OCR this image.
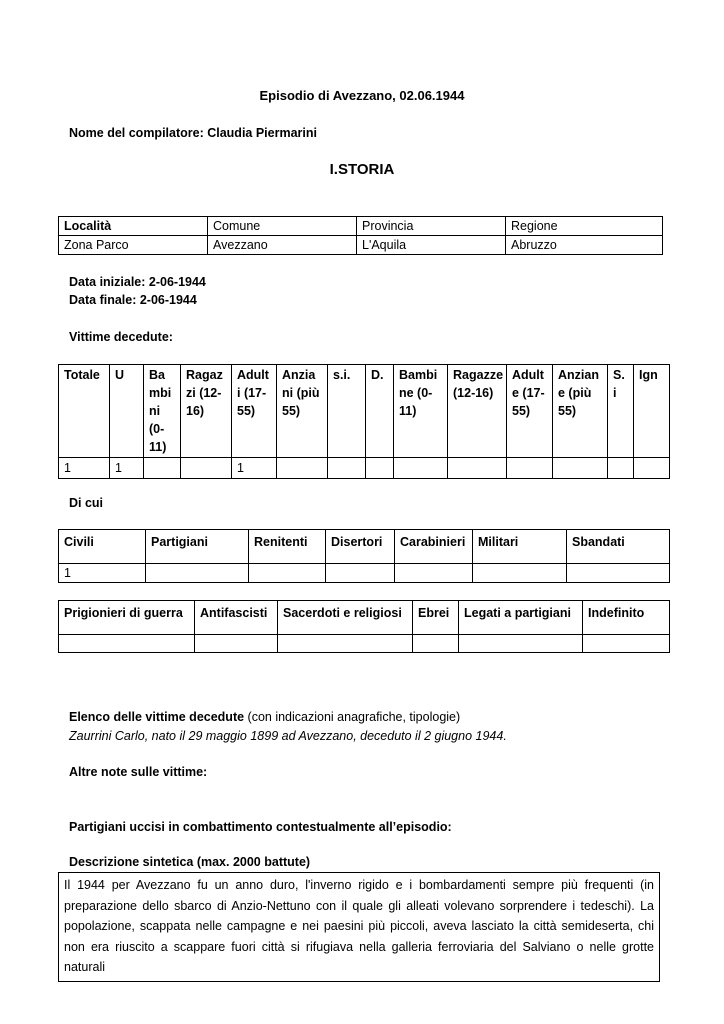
Episodio di Avezzano, 02.06.1944
Nome del compilatore: Claudia Piermarini
I.STORIA
Località	Comune	Provincia	Regione
Zona Parco	Avezzano	L'Aquila	Abruzzo
Data iniziale: 2-06-1944
Data finale: 2-06-1944
Vittime decedute:
Totale	U	Ba mbi ni (0- 11)	Ragaz zi (12- 16)	Adult i (17- 55)	Anzia ni (più 55)	s.i.	D.	Bambi ne (0- 11)	Ragazze (12-16)	Adult e (17- 55)	Anzian e (più 55)	S. i	Ign
1	1			1									
Di cui
Civili	Partigiani	Renitenti	Disertori	Carabinieri	Militari	Sbandati
1						
Prigionieri di guerra	Antifascisti	Sacerdoti e religiosi	Ebrei	Legati a partigiani	Indefinito

Elenco delle vittime decedute (con indicazioni anagrafiche, tipologie)
Zaurrini Carlo, nato il 29 maggio 1899 ad Avezzano, deceduto il 2 giugno 1944.
Altre note sulle vittime:
Partigiani uccisi in combattimento contestualmente all’episodio:
Descrizione sintetica (max. 2000 battute)
Il 1944 per Avezzano fu un anno duro, l'inverno rigido e i bombardamenti sempre più frequenti (in preparazione dello sbarco di Anzio-Nettuno con il quale gli alleati volevano sorprendere i tedeschi). La popolazione, scappata nelle campagne e nei paesini più piccoli, aveva lasciato la città semideserta, chi non era riuscito a scappare fuori città si rifugiava nella galleria ferroviaria del Salviano o nelle grotte naturali
